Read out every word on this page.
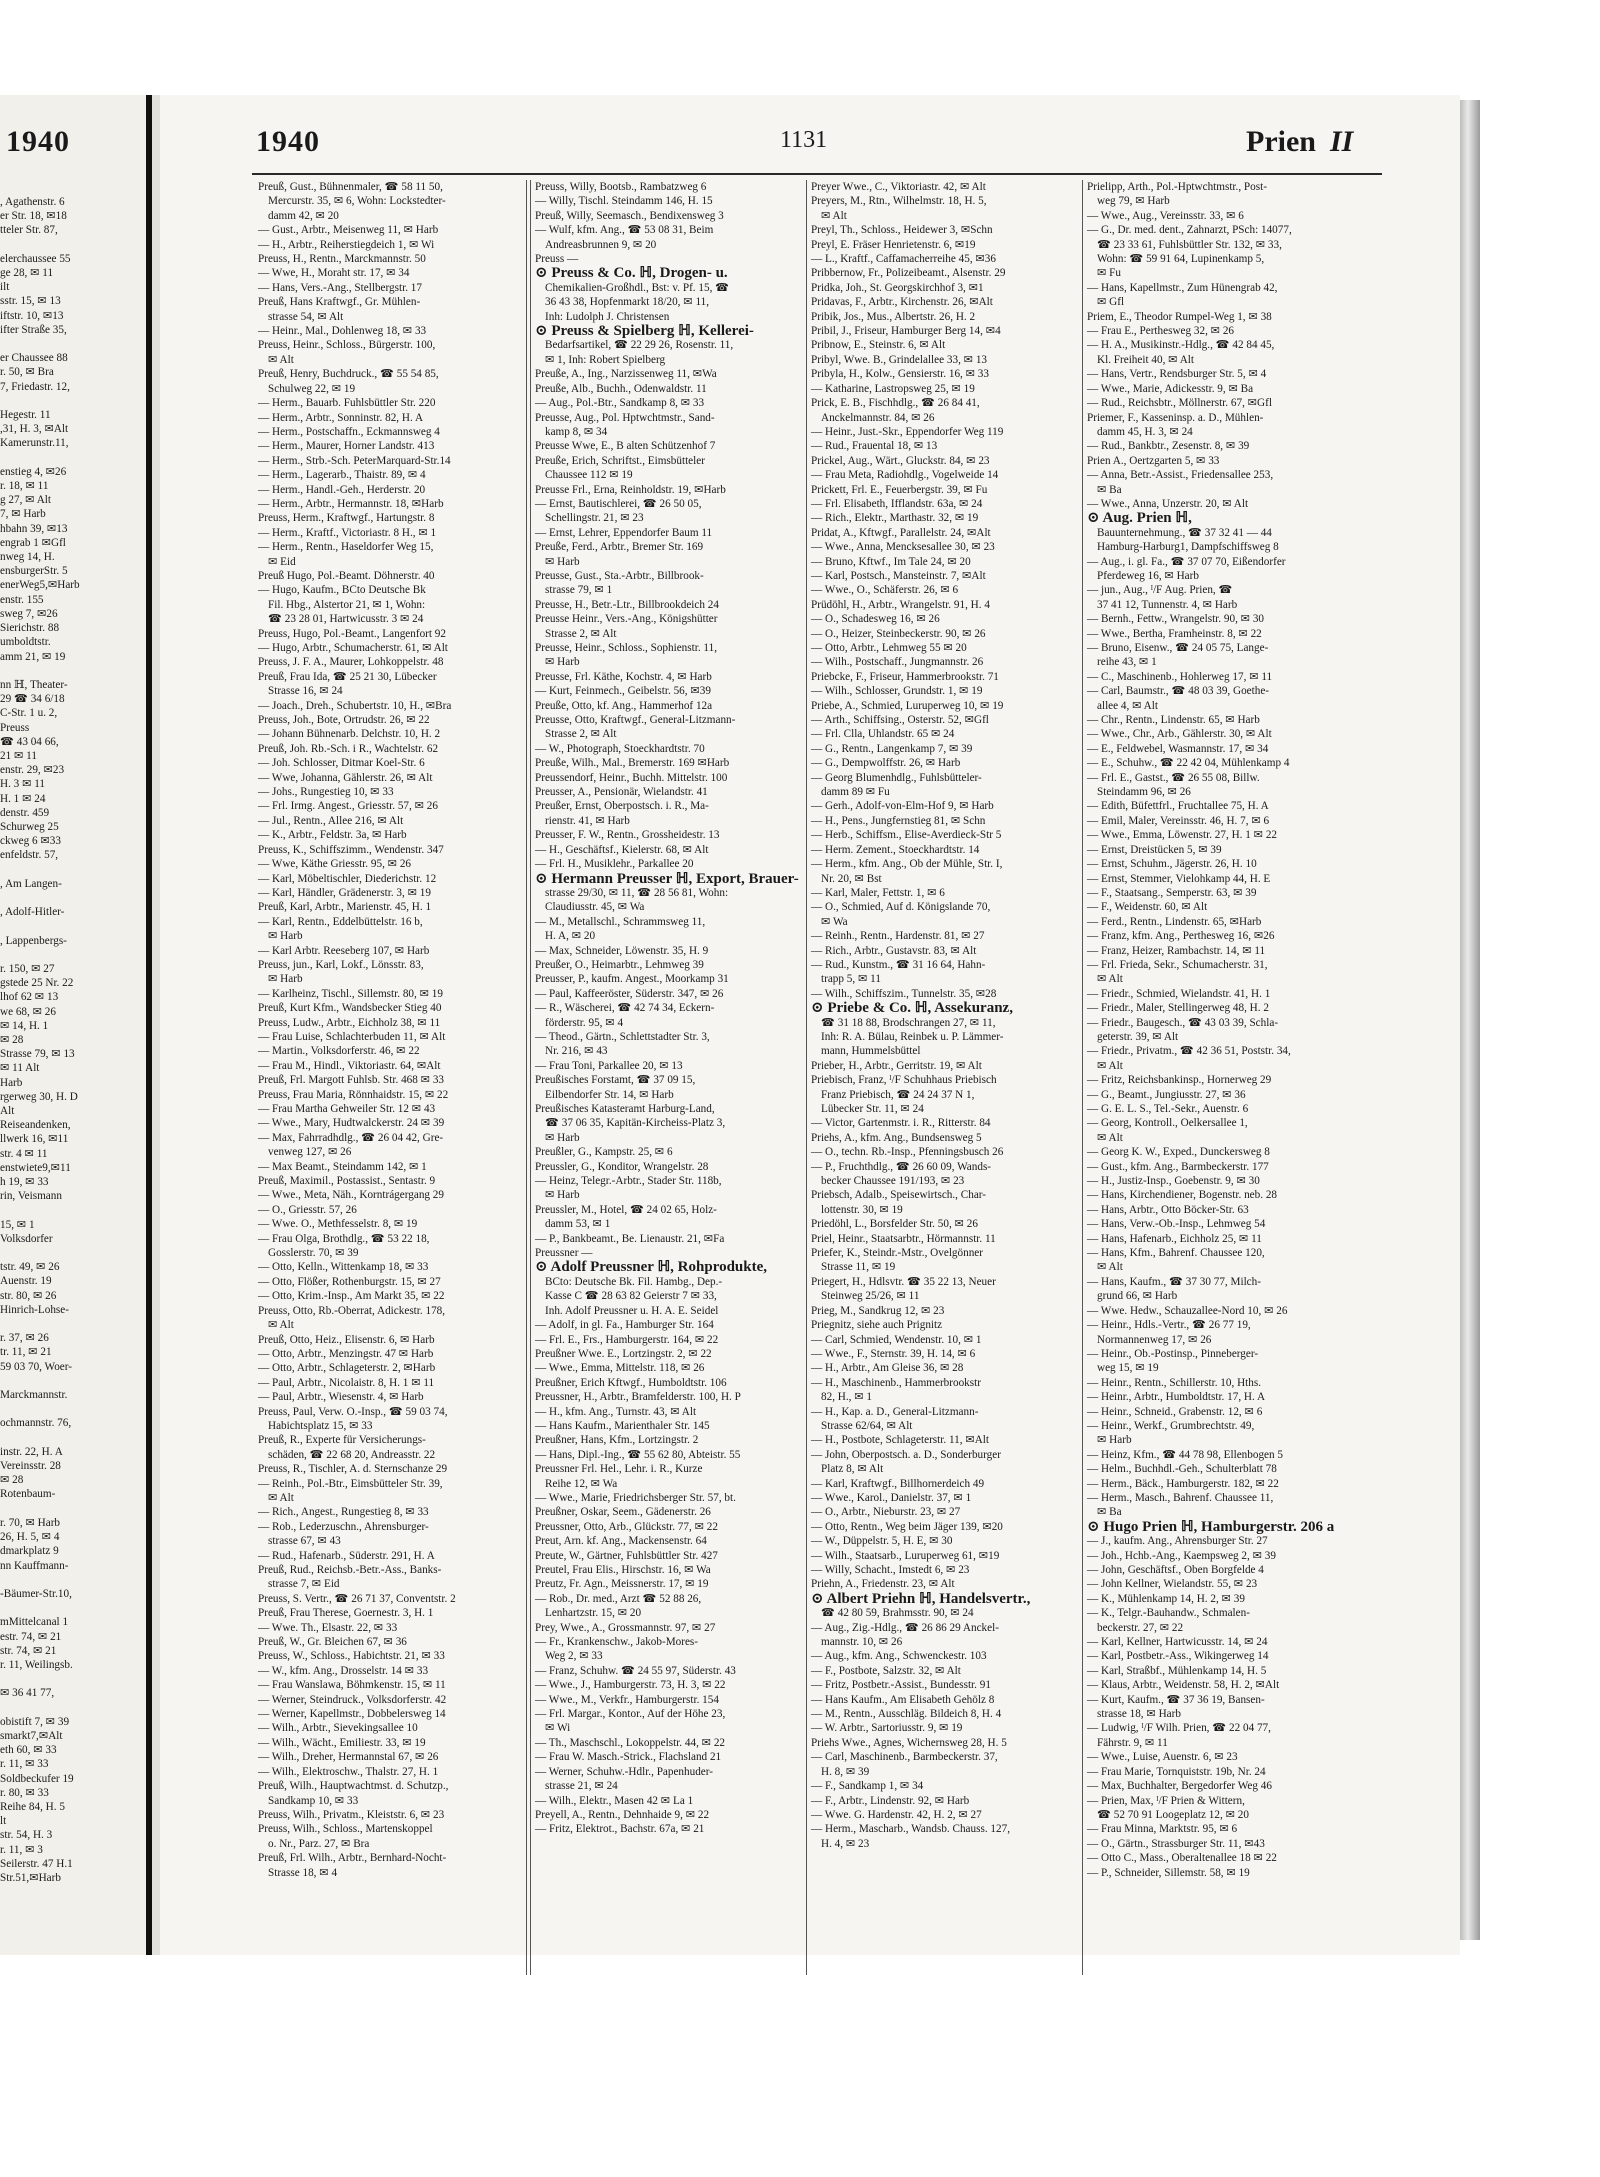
1940
, Agathenstr. 6
er Str. 18, ✉18
tteler Str. 87,

elerchaussee 55
ge 28, ✉ 11
ilt
sstr. 15, ✉ 13
iftstr. 10, ✉13
ifter Straße 35,

er Chaussee 88
r. 50, ✉ Bra
7, Friedastr. 12,

Hegestr. 11
,31, H. 3, ✉Alt
Kamerunstr.11,

enstieg 4, ✉26
r. 18, ✉ 11
g 27, ✉ Alt
7, ✉ Harb
hbahn 39, ✉13
engrab 1 ✉Gfl
nweg 14, H.
ensburgerStr. 5
enerWeg5,✉Harb
enstr. 155
sweg 7, ✉26
Sierichstr. 88
umboldtstr.
amm 21, ✉ 19

nn ℍ, Theater-
29 ☎ 34 6/18
C-Str. 1 u. 2,
Preuss
☎ 43 04 66,
21 ✉ 11
enstr. 29, ✉23
H. 3 ✉ 11
H. 1 ✉ 24
denstr. 459
Schurweg 25
ckweg 6 ✉33
enfeldstr. 57,

, Am Langen-

, Adolf-Hitler-

, Lappenbergs-

r. 150, ✉ 27
gstede 25 Nr. 22
lhof 62 ✉ 13
we 68, ✉ 26
✉ 14, H. 1
✉ 28
Strasse 79, ✉ 13
✉ 11 Alt
Harb
rgerweg 30, H. D
Alt
Reiseandenken,
llwerk 16, ✉11
str. 4 ✉ 11
enstwiete9,✉11
h 19, ✉ 33
rin, Veismann

15, ✉ 1
Volksdorfer

tstr. 49, ✉ 26
Auenstr. 19
str. 80, ✉ 26
Hinrich-Lohse-

r. 37, ✉ 26
tr. 11, ✉ 21
59 03 70, Woer-

Marckmannstr.

ochmannstr. 76,

instr. 22, H. A
Vereinsstr. 28
✉ 28
Rotenbaum-

r. 70, ✉ Harb
26, H. 5, ✉ 4
dmarkplatz 9
nn Kauffmann-

-Bäumer-Str.10,

mMittelcanal 1
estr. 74, ✉ 21
str. 74, ✉ 21
r. 11, Weilingsb.

✉ 36 41 77,

obistift 7, ✉ 39
smarkt7,✉Alt
eth 60, ✉ 33
r. 11, ✉ 33
Soldbeckufer 19
r. 80, ✉ 33
Reihe 84, H. 5
lt
str. 54, H. 3
r. 11, ✉ 3
Seilerstr. 47 H.1
Str.51,✉Harb
1940	1131	Prien II
Preuß, Gust., Bühnenmaler, ☎ 58 11 50,
Mercurstr. 35, ✉ 6, Wohn: Lockstedter-
damm 42, ✉ 20
— Gust., Arbtr., Meisenweg 11, ✉ Harb
— H., Arbtr., Reiherstiegdeich 1, ✉ Wi
Preuss, H., Rentn., Marckmannstr. 50
— Wwe, H., Moraht str. 17, ✉ 34
— Hans, Vers.-Ang., Stellbergstr. 17
Preuß, Hans Kraftwgf., Gr. Mühlen-
strasse 54, ✉ Alt
— Heinr., Mal., Dohlenweg 18, ✉ 33
Preuss, Heinr., Schloss., Bürgerstr. 100,
✉ Alt
Preuß, Henry, Buchdruck., ☎ 55 54 85,
Schulweg 22, ✉ 19
— Herm., Bauarb. Fuhlsbüttler Str. 220
— Herm., Arbtr., Sonninstr. 82, H. A
— Herm., Postschaffn., Eckmannsweg 4
— Herm., Maurer, Horner Landstr. 413
— Herm., Strb.-Sch. PeterMarquard-Str.14
— Herm., Lagerarb., Thaistr. 89, ✉ 4
— Herm., Handl.-Geh., Herderstr. 20
— Herm., Arbtr., Hermannstr. 18, ✉Harb
Preuss, Herm., Kraftwgf., Hartungstr. 8
— Herm., Kraftf., Victoriastr. 8 H., ✉ 1
— Herm., Rentn., Haseldorfer Weg 15,
✉ Eid
Preuß Hugo, Pol.-Beamt. Döhnerstr. 40
— Hugo, Kaufm., BCto Deutsche Bk
Fil. Hbg., Alstertor 21, ✉ 1, Wohn:
☎ 23 28 01, Hartwicusstr. 3 ✉ 24
Preuss, Hugo, Pol.-Beamt., Langenfort 92
— Hugo, Arbtr., Schumacherstr. 61, ✉ Alt
Preuss, J. F. A., Maurer, Lohkoppelstr. 48
Preuß, Frau Ida, ☎ 25 21 30, Lübecker
Strasse 16, ✉ 24
— Joach., Dreh., Schubertstr. 10, H., ✉Bra
Preuss, Joh., Bote, Ortrudstr. 26, ✉ 22
— Johann Bühnenarb. Delchstr. 10, H. 2
Preuß, Joh. Rb.-Sch. i R., Wachtelstr. 62
— Joh. Schlosser, Ditmar Koel-Str. 6
— Wwe, Johanna, Gählerstr. 26, ✉ Alt
— Johs., Rungestieg 10, ✉ 33
— Frl. Irmg. Angest., Griesstr. 57, ✉ 26
— Jul., Rentn., Allee 216, ✉ Alt
— K., Arbtr., Feldstr. 3a, ✉ Harb
Preuss, K., Schiffszimm., Wendenstr. 347
— Wwe, Käthe Griesstr. 95, ✉ 26
— Karl, Möbeltischler, Diederichstr. 12
— Karl, Händler, Grädenerstr. 3, ✉ 19
Preuß, Karl, Arbtr., Marienstr. 45, H. 1
— Karl, Rentn., Eddelbüttelstr. 16 b,
✉ Harb
— Karl Arbtr. Reeseberg 107, ✉ Harb
Preuss, jun., Karl, Lokf., Lönsstr. 83,
✉ Harb
— Karlheinz, Tischl., Sillemstr. 80, ✉ 19
Preuß, Kurt Kfm., Wandsbecker Stieg 40
Preuss, Ludw., Arbtr., Eichholz 38, ✉ 11
— Frau Luise, Schlachterbuden 11, ✉ Alt
— Martin., Volksdorferstr. 46, ✉ 22
— Frau M., Hindl., Viktoriastr. 64, ✉Alt
Preuß, Frl. Margott Fuhlsb. Str. 468 ✉ 33
Preuss, Frau Maria, Rönnhaidstr. 15, ✉ 22
— Frau Martha Gehweiler Str. 12 ✉ 43
— Wwe., Mary, Hudtwalckerstr. 24 ✉ 39
— Max, Fahrradhdlg., ☎ 26 04 42, Gre-
venweg 127, ✉ 26
— Max Beamt., Steindamm 142, ✉ 1
Preuß, Maximil., Postassist., Sentastr. 9
— Wwe., Meta, Näh., Korntrágergang 29
— O., Griesstr. 57, 26
— Wwe. O., Methfesselstr. 8, ✉ 19
— Frau Olga, Brothdlg., ☎ 53 22 18,
Gosslerstr. 70, ✉ 39
— Otto, Kelln., Wittenkamp 18, ✉ 33
— Otto, Flößer, Rothenburgstr. 15, ✉ 27
— Otto, Krim.-Insp., Am Markt 35, ✉ 22
Preuss, Otto, Rb.-Oberrat, Adickestr. 178,
✉ Alt
Preuß, Otto, Heiz., Elisenstr. 6, ✉ Harb
— Otto, Arbtr., Menzingstr. 47 ✉ Harb
— Otto, Arbtr., Schlageterstr. 2, ✉Harb
— Paul, Arbtr., Nicolaistr. 8, H. 1 ✉ 11
— Paul, Arbtr., Wiesenstr. 4, ✉ Harb
Preuss, Paul, Verw. O.-Insp., ☎ 59 03 74,
Habichtsplatz 15, ✉ 33
Preuß, R., Experte für Versicherungs-
schäden, ☎ 22 68 20, Andreasstr. 22
Preuss, R., Tischler, A. d. Sternschanze 29
— Reinh., Pol.-Btr., Eimsbütteler Str. 39,
✉ Alt
— Rich., Angest., Rungestieg 8, ✉ 33
— Rob., Lederzuschn., Ahrensburger-
strasse 67, ✉ 43
— Rud., Hafenarb., Süderstr. 291, H. A
Preuß, Rud., Reichsb.-Betr.-Ass., Banks-
strasse 7, ✉ Eid
Preuss, S. Vertr., ☎ 26 71 37, Conventstr. 2
Preuß, Frau Therese, Goernestr. 3, H. 1
— Wwe. Th., Elsastr. 22, ✉ 33
Preuß, W., Gr. Bleichen 67, ✉ 36
Preuss, W., Schloss., Habichtstr. 21, ✉ 33
— W., kfm. Ang., Drosselstr. 14 ✉ 33
— Frau Wanslawa, Böhmkenstr. 15, ✉ 11
— Werner, Steindruck., Volksdorferstr. 42
— Werner, Kapellmstr., Dobbelersweg 14
— Wilh., Arbtr., Sievekingsallee 10
— Wilh., Wächt., Emiliestr. 33, ✉ 19
— Wilh., Dreher, Hermannstal 67, ✉ 26
— Wilh., Elektroschw., Thalstr. 27, H. 1
Preuß, Wilh., Hauptwachtmst. d. Schutzp.,
Sandkamp 10, ✉ 33
Preuss, Wilh., Privatm., Kleiststr. 6, ✉ 23
Preuss, Wilh., Schloss., Martenskoppel
o. Nr., Parz. 27, ✉ Bra
Preuß, Frl. Wilh., Arbtr., Bernhard-Nocht-
Strasse 18, ✉ 4
Preuss, Willy, Bootsb., Rambatzweg 6
— Willy, Tischl. Steindamm 146, H. 15
Preuß, Willy, Seemasch., Bendixensweg 3
— Wulf, kfm. Ang., ☎ 53 08 31, Beim
Andreasbrunnen 9, ✉ 20
Preuss —
⊙ Preuss & Co. ℍ, Drogen- u.
Chemikalien-Großhdl., Bst: v. Pf. 15, ☎
36 43 38, Hopfenmarkt 18/20, ✉ 11,
Inh: Ludolph J. Christensen
⊙ Preuss & Spielberg ℍ, Kellerei-
Bedarfsartikel, ☎ 22 29 26, Rosenstr. 11,
✉ 1, Inh: Robert Spielberg
Preuße, A., Ing., Narzissenweg 11, ✉Wa
Preuße, Alb., Buchh., Odenwaldstr. 11
— Aug., Pol.-Btr., Sandkamp 8, ✉ 33
Preusse, Aug., Pol. Hptwchtmstr., Sand-
kamp 8, ✉ 34
Preusse Wwe, E., B alten Schützenhof 7
Preuße, Erich, Schriftst., Eimsbütteler
Chaussee 112 ✉ 19
Preusse Frl., Erna, Reinholdstr. 19, ✉Harb
— Ernst, Bautischlerei, ☎ 26 50 05,
Schellingstr. 21, ✉ 23
— Ernst, Lehrer, Eppendorfer Baum 11
Preuße, Ferd., Arbtr., Bremer Str. 169
✉ Harb
Preusse, Gust., Sta.-Arbtr., Billbrook-
strasse 79, ✉ 1
Preusse, H., Betr.-Ltr., Billbrookdeich 24
Preusse Heinr., Vers.-Ang., Königshütter
Strasse 2, ✉ Alt
Preusse, Heinr., Schloss., Sophienstr. 11,
✉ Harb
Preusse, Frl. Käthe, Kochstr. 4, ✉ Harb
— Kurt, Feinmech., Geibelstr. 56, ✉39
Preuße, Otto, kf. Ang., Hammerhof 12a
Preusse, Otto, Kraftwgf., General-Litzmann-
Strasse 2, ✉ Alt
— W., Photograph, Stoeckhardtstr. 70
Preuße, Wilh., Mal., Bremerstr. 169 ✉Harb
Preussendorf, Heinr., Buchh. Mittelstr. 100
Preusser, A., Pensionär, Wielandstr. 41
Preußer, Ernst, Oberpostsch. i. R., Ma-
rienstr. 41, ✉ Harb
Preusser, F. W., Rentn., Grossheidestr. 13
— H., Geschäftsf., Kielerstr. 68, ✉ Alt
— Frl. H., Musiklehr., Parkallee 20
⊙ Hermann Preusser ℍ, Export, Brauer-
strasse 29/30, ✉ 11, ☎ 28 56 81, Wohn:
Claudiusstr. 45, ✉ Wa
— M., Metallschl., Schrammsweg 11,
H. A, ✉ 20
— Max, Schneider, Löwenstr. 35, H. 9
Preußer, O., Heimarbtr., Lehmweg 39
Preusser, P., kaufm. Angest., Moorkamp 31
— Paul, Kaffeeröster, Süderstr. 347, ✉ 26
— R., Wäscherei, ☎ 42 74 34, Eckern-
förderstr. 95, ✉ 4
— Theod., Gärtn., Schlettstadter Str. 3,
Nr. 216, ✉ 43
— Frau Toni, Parkallee 20, ✉ 13
Preußisches Forstamt, ☎ 37 09 15,
Eilbendorfer Str. 14, ✉ Harb
Preußisches Katasteramt Harburg-Land,
☎ 37 06 35, Kapitän-Kircheiss-Platz 3,
✉ Harb
Preußler, G., Kampstr. 25, ✉ 6
Preussler, G., Konditor, Wrangelstr. 28
— Heinz, Telegr.-Arbtr., Stader Str. 118b,
✉ Harb
Preussler, M., Hotel, ☎ 24 02 65, Holz-
damm 53, ✉ 1
— P., Bankbeamt., Be. Lienaustr. 21, ✉Fa
Preussner —
⊙ Adolf Preussner ℍ, Rohprodukte,
BCto: Deutsche Bk. Fil. Hambg., Dep.-
Kasse C ☎ 28 63 82 Geierstr 7 ✉ 33,
Inh. Adolf Preussner u. H. A. E. Seidel
— Adolf, in gl. Fa., Hamburger Str. 164
— Frl. E., Frs., Hamburgerstr. 164, ✉ 22
Preußner Wwe. E., Lortzingstr. 2, ✉ 22
— Wwe., Emma, Mittelstr. 118, ✉ 26
Preußner, Erich Kftwgf., Humboldtstr. 106
Preussner, H., Arbtr., Bramfelderstr. 100, H. P
— H., kfm. Ang., Turnstr. 43, ✉ Alt
— Hans Kaufm., Marienthaler Str. 145
Preußner, Hans, Kfm., Lortzingstr. 2
— Hans, Dipl.-Ing., ☎ 55 62 80, Abteistr. 55
Preussner Frl. Hel., Lehr. i. R., Kurze
Reihe 12, ✉ Wa
— Wwe., Marie, Friedrichsberger Str. 57, bt.
Preußner, Oskar, Seem., Gädenerstr. 26
Preussner, Otto, Arb., Glückstr. 77, ✉ 22
Preut, Arn. kf. Ang., Mackensenstr. 64
Preute, W., Gärtner, Fuhlsbüttler Str. 427
Preutel, Frau Elis., Hirschstr. 16, ✉ Wa
Preutz, Fr. Agn., Meissnerstr. 17, ✉ 19
— Rob., Dr. med., Arzt ☎ 52 88 26,
Lenhartzstr. 15, ✉ 20
Prey, Wwe., A., Grossmannstr. 97, ✉ 27
— Fr., Krankenschw., Jakob-Mores-
Weg 2, ✉ 33
— Franz, Schuhw. ☎ 24 55 97, Süderstr. 43
— Wwe., J., Hamburgerstr. 73, H. 3, ✉ 22
— Wwe., M., Verkfr., Hamburgerstr. 154
— Frl. Margar., Kontor., Auf der Höhe 23,
✉ Wi
— Th., Maschschl., Lokoppelstr. 44, ✉ 22
— Frau W. Masch.-Strick., Flachsland 21
— Werner, Schuhw.-Hdlr., Papenhuder-
strasse 21, ✉ 24
— Wilh., Elektr., Masen 42 ✉ La 1
Preyell, A., Rentn., Dehnhaide 9, ✉ 22
— Fritz, Elektrot., Bachstr. 67a, ✉ 21
Preyer Wwe., C., Viktoriastr. 42, ✉ Alt
Preyers, M., Rtn., Wilhelmstr. 18, H. 5,
✉ Alt
Preyl, Th., Schloss., Heidewer 3, ✉Schn
Preyl, E. Fräser Henrietenstr. 6, ✉19
— L., Kraftf., Caffamacherreihe 45, ✉36
Pribbernow, Fr., Polizeibeamt., Alsenstr. 29
Pridka, Joh., St. Georgskirchhof 3, ✉1
Pridavas, F., Arbtr., Kirchenstr. 26, ✉Alt
Pribik, Jos., Mus., Albertstr. 26, H. 2
Pribil, J., Friseur, Hamburger Berg 14, ✉4
Pribnow, E., Steinstr. 6, ✉ Alt
Pribyl, Wwe. B., Grindelallee 33, ✉ 13
Pribyla, H., Kolw., Gensierstr. 16, ✉ 33
— Katharine, Lastropsweg 25, ✉ 19
Prick, E. B., Fischhdlg., ☎ 26 84 41,
Anckelmannstr. 84, ✉ 26
— Heinr., Just.-Skr., Eppendorfer Weg 119
— Rud., Frauental 18, ✉ 13
Prickel, Aug., Wärt., Gluckstr. 84, ✉ 23
— Frau Meta, Radiohdlg., Vogelweide 14
Prickett, Frl. E., Feuerbergstr. 39, ✉ Fu
— Frl. Elisabeth, Ifflandstr. 63a, ✉ 24
— Rich., Elektr., Marthastr. 32, ✉ 19
Pridat, A., Kftwgf., Parallelstr. 24, ✉Alt
— Wwe., Anna, Mencksesallee 30, ✉ 23
— Bruno, Kftwf., Im Tale 24, ✉ 20
— Karl, Postsch., Mansteinstr. 7, ✉Alt
— Wwe., O., Schäferstr. 26, ✉ 6
Prüdöhl, H., Arbtr., Wrangelstr. 91, H. 4
— O., Schadesweg 16, ✉ 26
— O., Heizer, Steinbeckerstr. 90, ✉ 26
— Otto, Arbtr., Lehmweg 55 ✉ 20
— Wilh., Postschaff., Jungmannstr. 26
Priebcke, F., Friseur, Hammerbrookstr. 71
— Wilh., Schlosser, Grundstr. 1, ✉ 19
Priebe, A., Schmied, Luruperweg 10, ✉ 19
— Arth., Schiffsing., Osterstr. 52, ✉Gfl
— Frl. Clla, Uhlandstr. 65 ✉ 24
— G., Rentn., Langenkamp 7, ✉ 39
— G., Dempwolffstr. 26, ✉ Harb
— Georg Blumenhdlg., Fuhlsbütteler-
damm 89 ✉ Fu
— Gerh., Adolf-von-Elm-Hof 9, ✉ Harb
— H., Pens., Jungfernstieg 81, ✉ Schn
— Herb., Schiffsm., Elise-Averdieck-Str 5
— Herm. Zement., Stoeckhardtstr. 14
— Herm., kfm. Ang., Ob der Mühle, Str. I,
Nr. 20, ✉ Bst
— Karl, Maler, Fettstr. 1, ✉ 6
— O., Schmied, Auf d. Königslande 70,
✉ Wa
— Reinh., Rentn., Hardenstr. 81, ✉ 27
— Rich., Arbtr., Gustavstr. 83, ✉ Alt
— Rud., Kunstm., ☎ 31 16 64, Hahn-
trapp 5, ✉ 11
— Wilh., Schiffszim., Tunnelstr. 35, ✉28
⊙ Priebe & Co. ℍ, Assekuranz,
☎ 31 18 88, Brodschrangen 27, ✉ 11,
Inh: R. A. Bülau, Reinbek u. P. Lämmer-
mann, Hummelsbüttel
Prieber, H., Arbtr., Gerritstr. 19, ✉ Alt
Priebisch, Franz, ᴵ/F Schuhhaus Priebisch
Franz Priebisch, ☎ 24 24 37 N 1,
Lübecker Str. 11, ✉ 24
— Victor, Gartenmstr. i. R., Ritterstr. 84
Priehs, A., kfm. Ang., Bundsensweg 5
— O., techn. Rb.-Insp., Pfenningsbusch 26
— P., Fruchthdlg., ☎ 26 60 09, Wands-
becker Chaussee 191/193, ✉ 23
Priebsch, Adalb., Speisewirtsch., Char-
lottenstr. 30, ✉ 19
Priedöhl, L., Borsfelder Str. 50, ✉ 26
Priel, Heinr., Staatsarbtr., Hörmannstr. 11
Priefer, K., Steindr.-Mstr., Ovelgönner
Strasse 11, ✉ 19
Priegert, H., Hdlsvtr. ☎ 35 22 13, Neuer
Steinweg 25/26, ✉ 11
Prieg, M., Sandkrug 12, ✉ 23
Priegnitz, siehe auch Prignitz
— Carl, Schmied, Wendenstr. 10, ✉ 1
— Wwe., F., Sternstr. 39, H. 14, ✉ 6
— H., Arbtr., Am Gleise 36, ✉ 28
— H., Maschinenb., Hammerbrookstr
82, H., ✉ 1
— H., Kap. a. D., General-Litzmann-
Strasse 62/64, ✉ Alt
— H., Postbote, Schlageterstr. 11, ✉Alt
— John, Oberpostsch. a. D., Sonderburger
Platz 8, ✉ Alt
— Karl, Kraftwgf., Billhornerdeich 49
— Wwe., Karol., Danielstr. 37, ✉ 1
— O., Arbtr., Nieburstr. 23, ✉ 27
— Otto, Rentn., Weg beim Jäger 139, ✉20
— W., Düppelstr. 5, H. E, ✉ 30
— Wilh., Staatsarb., Luruperweg 61, ✉19
— Willy, Schacht., Imstedt 6, ✉ 23
Priehn, A., Friedenstr. 23, ✉ Alt
⊙ Albert Priehn ℍ, Handelsvertr.,
☎ 42 80 59, Brahmsstr. 90, ✉ 24
— Aug., Zig.-Hdlg., ☎ 26 86 29 Anckel-
mannstr. 10, ✉ 26
— Aug., kfm. Ang., Schwenckestr. 103
— F., Postbote, Salzstr. 32, ✉ Alt
— Fritz, Postbetr.-Assist., Bundesstr. 91
— Hans Kaufm., Am Elisabeth Gehölz 8
— M., Rentn., Ausschläg. Bildeich 8, H. 4
— W. Arbtr., Sartoriusstr. 9, ✉ 19
Priehs Wwe., Agnes, Wichernsweg 28, H. 5
— Carl, Maschinenb., Barmbeckerstr. 37,
H. 8, ✉ 39
— F., Sandkamp 1, ✉ 34
— F., Arbtr., Lindenstr. 92, ✉ Harb
— Wwe. G. Hardenstr. 42, H. 2, ✉ 27
— Herm., Mascharb., Wandsb. Chauss. 127,
H. 4, ✉ 23
Prielipp, Arth., Pol.-Hptwchtmstr., Post-
weg 79, ✉ Harb
— Wwe., Aug., Vereinsstr. 33, ✉ 6
— G., Dr. med. dent., Zahnarzt, PSch: 14077,
☎ 23 33 61, Fuhlsbüttler Str. 132, ✉ 33,
Wohn: ☎ 59 91 64, Lupinenkamp 5,
✉ Fu
— Hans, Kapellmstr., Zum Hünengrab 42,
✉ Gfl
Priem, E., Theodor Rumpel-Weg 1, ✉ 38
— Frau E., Perthesweg 32, ✉ 26
— H. A., Musikinstr.-Hdlg., ☎ 42 84 45,
Kl. Freiheit 40, ✉ Alt
— Hans, Vertr., Rendsburger Str. 5, ✉ 4
— Wwe., Marie, Adickesstr. 9, ✉ Ba
— Rud., Reichsbtr., Möllnerstr. 67, ✉Gfl
Priemer, F., Kasseninsp. a. D., Mühlen-
damm 45, H. 3, ✉ 24
— Rud., Bankbtr., Zesenstr. 8, ✉ 39
Prien A., Oertzgarten 5, ✉ 33
— Anna, Betr.-Assist., Friedensallee 253,
✉ Ba
— Wwe., Anna, Unzerstr. 20, ✉ Alt
⊙ Aug. Prien ℍ,
Bauunternehmung., ☎ 37 32 41 — 44
Hamburg-Harburg1, Dampfschiffsweg 8
— Aug., i. gl. Fa., ☎ 37 07 70, Eißendorfer
Pferdeweg 16, ✉ Harb
— jun., Aug., ᴵ/F Aug. Prien, ☎
37 41 12, Tunnenstr. 4, ✉ Harb
— Bernh., Fettw., Wrangelstr. 90, ✉ 30
— Wwe., Bertha, Framheinstr. 8, ✉ 22
— Bruno, Eisenw., ☎ 24 05 75, Lange-
reihe 43, ✉ 1
— C., Maschinenb., Hohlerweg 17, ✉ 11
— Carl, Baumstr., ☎ 48 03 39, Goethe-
allee 4, ✉ Alt
— Chr., Rentn., Lindenstr. 65, ✉ Harb
— Wwe., Chr., Arb., Gählerstr. 30, ✉ Alt
— E., Feldwebel, Wasmannstr. 17, ✉ 34
— E., Schuhw., ☎ 22 42 04, Mühlenkamp 4
— Frl. E., Gastst., ☎ 26 55 08, Billw.
Steindamm 96, ✉ 26
— Edith, Büfettfrl., Fruchtallee 75, H. A
— Emil, Maler, Vereinsstr. 46, H. 7, ✉ 6
— Wwe., Emma, Löwenstr. 27, H. 1 ✉ 22
— Ernst, Dreistücken 5, ✉ 39
— Ernst, Schuhm., Jägerstr. 26, H. 10
— Ernst, Stemmer, Vielohkamp 44, H. E
— F., Staatsang., Semperstr. 63, ✉ 39
— F., Weidenstr. 60, ✉ Alt
— Ferd., Rentn., Lindenstr. 65, ✉Harb
— Franz, kfm. Ang., Perthesweg 16, ✉26
— Franz, Heizer, Rambachstr. 14, ✉ 11
— Frl. Frieda, Sekr., Schumacherstr. 31,
✉ Alt
— Friedr., Schmied, Wielandstr. 41, H. 1
— Friedr., Maler, Stellingerweg 48, H. 2
— Friedr., Baugesch., ☎ 43 03 39, Schla-
geterstr. 39, ✉ Alt
— Friedr., Privatm., ☎ 42 36 51, Poststr. 34,
✉ Alt
— Fritz, Reichsbankinsp., Hornerweg 29
— G., Beamt., Jungiusstr. 27, ✉ 36
— G. E. L. S., Tel.-Sekr., Auenstr. 6
— Georg, Kontroll., Oelkersallee 1,
✉ Alt
— Georg K. W., Exped., Dunckersweg 8
— Gust., kfm. Ang., Barmbeckerstr. 177
— H., Justiz-Insp., Goebenstr. 9, ✉ 30
— Hans, Kirchendiener, Bogenstr. neb. 28
— Hans, Arbtr., Otto Böcker-Str. 63
— Hans, Verw.-Ob.-Insp., Lehmweg 54
— Hans, Hafenarb., Eichholz 25, ✉ 11
— Hans, Kfm., Bahrenf. Chaussee 120,
✉ Alt
— Hans, Kaufm., ☎ 37 30 77, Milch-
grund 66, ✉ Harb
— Wwe. Hedw., Schauzallee-Nord 10, ✉ 26
— Heinr., Hdls.-Vertr., ☎ 26 77 19,
Normannenweg 17, ✉ 26
— Heinr., Ob.-Postinsp., Pinneberger-
weg 15, ✉ 19
— Heinr., Rentn., Schillerstr. 10, Hths.
— Heinr., Arbtr., Humboldtstr. 17, H. A
— Heinr., Schneid., Grabenstr. 12, ✉ 6
— Heinr., Werkf., Grumbrechtstr. 49,
✉ Harb
— Heinz, Kfm., ☎ 44 78 98, Ellenbogen 5
— Helm., Buchhdl.-Geh., Schulterblatt 78
— Herm., Bäck., Hamburgerstr. 182, ✉ 22
— Herm., Masch., Bahrenf. Chaussee 11,
✉ Ba
⊙ Hugo Prien ℍ, Hamburgerstr. 206 a
— J., kaufm. Ang., Ahrensburger Str. 27
— Joh., Hchb.-Ang., Kaempsweg 2, ✉ 39
— John, Geschäftsf., Oben Borgfelde 4
— John Kellner, Wielandstr. 55, ✉ 23
— K., Mühlenkamp 14, H. 2, ✉ 39
— K., Telgr.-Bauhandw., Schmalen-
beckerstr. 27, ✉ 22
— Karl, Kellner, Hartwicusstr. 14, ✉ 24
— Karl, Postbetr.-Ass., Wikingerweg 14
— Karl, Straßbf., Mühlenkamp 14, H. 5
— Klaus, Arbtr., Weidenstr. 58, H. 2, ✉Alt
— Kurt, Kaufm., ☎ 37 36 19, Bansen-
strasse 18, ✉ Harb
— Ludwig, ᴵ/F Wilh. Prien, ☎ 22 04 77,
Fährstr. 9, ✉ 11
— Wwe., Luise, Auenstr. 6, ✉ 23
— Frau Marie, Tornquiststr. 19b, Nr. 24
— Max, Buchhalter, Bergedorfer Weg 46
— Prien, Max, ᴵ/F Prien & Wittern,
☎ 52 70 91 Loogeplatz 12, ✉ 20
— Frau Minna, Marktstr. 95, ✉ 6
— O., Gärtn., Strassburger Str. 11, ✉43
— Otto C., Mass., Oberaltenallee 18 ✉ 22
— P., Schneider, Sillemstr. 58, ✉ 19
